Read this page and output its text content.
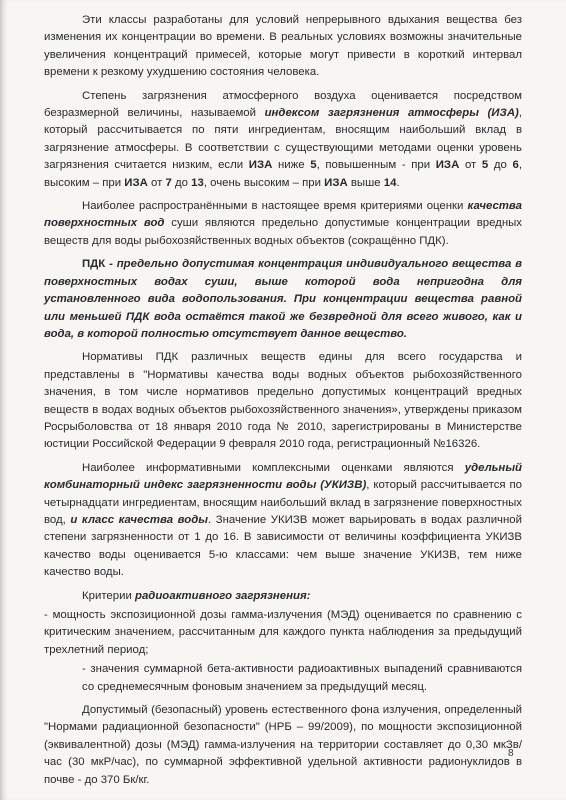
Эти классы разработаны для условий непрерывного вдыхания вещества без изменения их концентрации во времени. В реальных условиях возможны значительные увеличения концентраций примесей, которые могут привести в короткий интервал времени к резкому ухудшению состояния человека.

Степень загрязнения атмосферного воздуха оценивается посредством безразмерной величины, называемой индексом загрязнения атмосферы (ИЗА), который рассчитывается по пяти ингредиентам, вносящим наибольший вклад в загрязнение атмосферы. В соответствии с существующими методами оценки уровень загрязнения считается низким, если ИЗА ниже 5, повышенным - при ИЗА от 5 до 6, высоким – при ИЗА от 7 до 13, очень высоким – при ИЗА выше 14.

Наиболее распространёнными в настоящее время критериями оценки качества поверхностных вод суши являются предельно допустимые концентрации вредных веществ для воды рыбохозяйственных водных объектов (сокращённо ПДК).

ПДК - предельно допустимая концентрация индивидуального вещества в поверхностных водах суши, выше которой вода непригодна для установленного вида водопользования. При концентрации вещества равной или меньшей ПДК вода остаётся такой же безвредной для всего живого, как и вода, в которой полностью отсутствует данное вещество.

Нормативы ПДК различных веществ едины для всего государства и представлены в "Нормативы качества воды водных объектов рыбохозяйственного значения, в том числе нормативов предельно допустимых концентраций вредных веществ в водах водных объектов рыбохозяйственного значения», утверждены приказом Росрыболовства от 18 января 2010 года № 2010, зарегистрированы в Министерстве юстиции Российской Федерации 9 февраля 2010 года, регистрационный №16326.

Наиболее информативными комплексными оценками являются удельный комбинаторный индекс загрязненности воды (УКИЗВ), который рассчитывается по четырнадцати ингредиентам, вносящим наибольший вклад в загрязнение поверхностных вод, и класс качества воды. Значение УКИЗВ может варьировать в водах различной степени загрязненности от 1 до 16. В зависимости от величины коэффициента УКИЗВ качество воды оценивается 5-ю классами: чем выше значение УКИЗВ, тем ниже качество воды.

Критерии радиоактивного загрязнения:

- мощность экспозиционной дозы гамма-излучения (МЭД) оценивается по сравнению с критическим значением, рассчитанным для каждого пункта наблюдения за предыдущий трехлетний период;

- значения суммарной бета-активности радиоактивных выпадений сравниваются со среднемесячным фоновым значением за предыдущий месяц.

Допустимый (безопасный) уровень естественного фона излучения, определенный "Нормами радиационной безопасности" (НРБ – 99/2009), по мощности экспозиционной (эквивалентной) дозы (МЭД) гамма-излучения на территории составляет до 0,30 мкЗв/час (30 мкР/час), по суммарной эффективной удельной активности радионуклидов в почве - до 370 Бк/кг.

8
